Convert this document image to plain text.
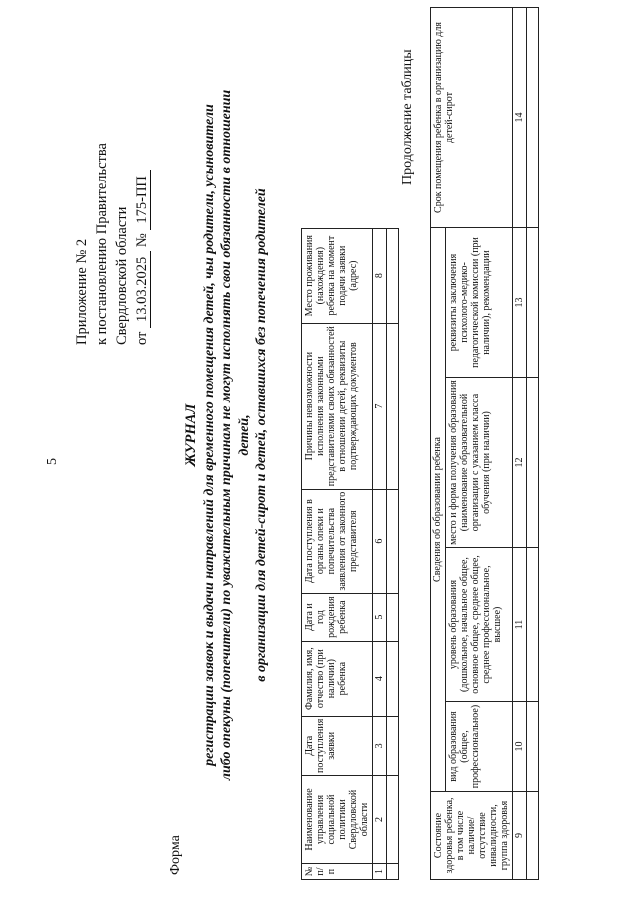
5
Приложение № 2 к постановлению Правительства Свердловской области от 13.03.2025 № 175-ПП
Форма
ЖУРНАЛ регистрации заявок и выдачи направлений для временного помещения детей, чьи родители, усыновители либо опекуны (попечители) по уважительным причинам не могут исполнять свои обязанности в отношении детей, в организации для детей-сирот и детей, оставшихся без попечения родителей
№ п/п	Наименование управления социальной политики Свердловской области	Дата поступления заявки	Фамилия, имя, отчество (при наличии) ребенка	Дата и год рождения ребенка	Дата поступления в органы опеки и попечительства заявления от законного представителя	Причины невозможности исполнения законными представителями своих обязанностей в отношении детей, реквизиты подтверждающих документов	Место проживания (нахождения) ребенка на момент подачи заявки (адрес)
1	2	3	4	5	6	7	8

Продолжение таблицы
Состояние здоровья ребенка, в том числе наличие/отсутствие инвалидности, группа здоровья	Сведения об образовании ребенка				Срок помещения ребенка в организацию для детей-сирот
	вид образования (общее, профессиональное)	уровень образования (дошкольное, начальное общее, основное общее, среднее общее, среднее профессиональное, высшее)	место и форма получения образования (наименование образовательной организации с указанием класса обучения (при наличии)	реквизиты заключения психолого-медико-педагогической комиссии (при наличии), рекомендации	
9	10	11	12	13	14
